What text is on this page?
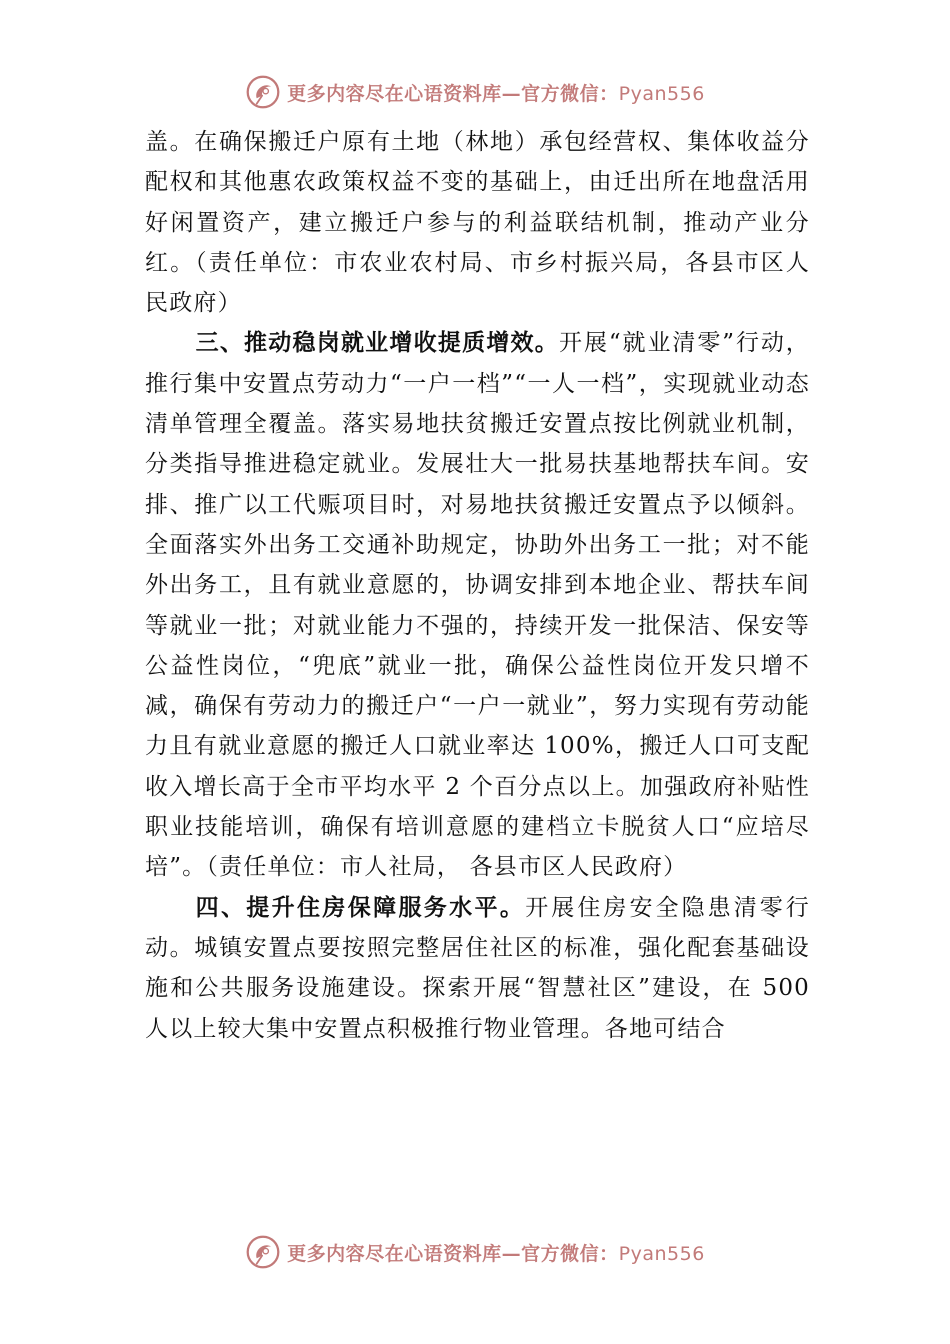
更多内容尽在心语资料库—官方微信：Pyan556

盖。在确保搬迁户原有土地（林地）承包经营权、集体收益分配权和其他惠农政策权益不变的基础上，由迁出所在地盘活用好闲置资产，建立搬迁户参与的利益联结机制，推动产业分红。（责任单位：市农业农村局、市乡村振兴局，各县市区人民政府）

三、推动稳岗就业增收提质增效。开展“就业清零”行动，推行集中安置点劳动力“一户一档”“一人一档”，实现就业动态清单管理全覆盖。落实易地扶贫搬迁安置点按比例就业机制，分类指导推进稳定就业。发展壮大一批易扶基地帮扶车间。安排、推广以工代赈项目时，对易地扶贫搬迁安置点予以倾斜。全面落实外出务工交通补助规定，协助外出务工一批；对不能外出务工，且有就业意愿的，协调安排到本地企业、帮扶车间等就业一批；对就业能力不强的，持续开发一批保洁、保安等公益性岗位，“兜底”就业一批，确保公益性岗位开发只增不减，确保有劳动力的搬迁户“一户一就业”，努力实现有劳动能力且有就业意愿的搬迁人口就业率达 100%，搬迁人口可支配收入增长高于全市平均水平 2 个百分点以上。加强政府补贴性职业技能培训，确保有培训意愿的建档立卡脱贫人口“应培尽培”。（责任单位：市人社局， 各县市区人民政府）

四、提升住房保障服务水平。开展住房安全隐患清零行动。城镇安置点要按照完整居住社区的标准，强化配套基础设施和公共服务设施建设。探索开展“智慧社区”建设，在 500 人以上较大集中安置点积极推行物业管理。各地可结合

更多内容尽在心语资料库—官方微信：Pyan556
